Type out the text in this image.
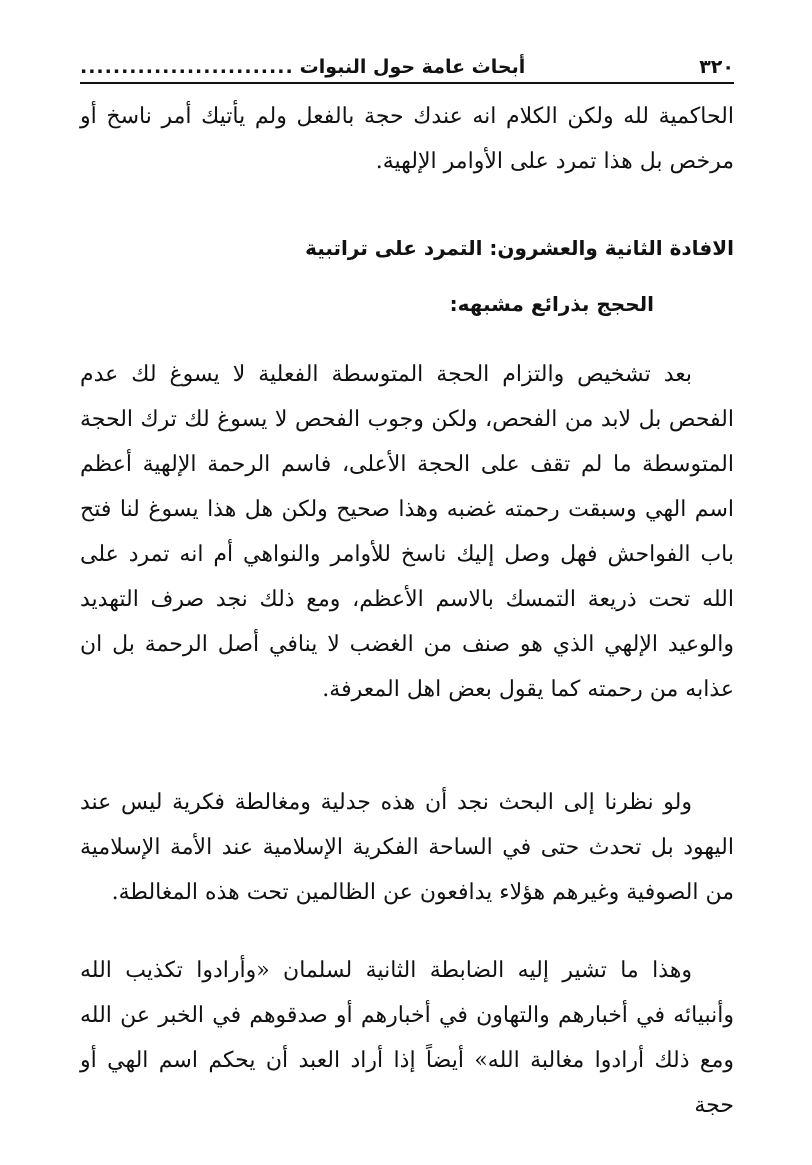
٣٢٠
أبحاث عامة حول النبوات
..........................

الحاكمية لله ولكن الكلام انه عندك حجة بالفعل ولم يأتيك أمر ناسخ أو مرخص بل هذا تمرد على الأوامر الإلهية.

الافادة الثانية والعشرون: التمرد على تراتبية

الحجج بذرائع مشبهه:

بعد تشخيص والتزام الحجة المتوسطة الفعلية لا يسوغ لك عدم الفحص بل لابد من الفحص، ولكن وجوب الفحص لا يسوغ لك ترك الحجة المتوسطة ما لم تقف على الحجة الأعلى، فاسم الرحمة الإلهية أعظم اسم الهي وسبقت رحمته غضبه وهذا صحيح ولكن هل هذا يسوغ لنا فتح باب الفواحش فهل وصل إليك ناسخ للأوامر والنواهي أم انه تمرد على الله تحت ذريعة التمسك بالاسم الأعظم، ومع ذلك نجد صرف التهديد والوعيد الإلهي الذي هو صنف من الغضب لا ينافي أصل الرحمة بل ان عذابه من رحمته كما يقول بعض اهل المعرفة.

ولو نظرنا إلى البحث نجد أن هذه جدلية ومغالطة فكرية ليس عند اليهود بل تحدث حتى في الساحة الفكرية الإسلامية عند الأمة الإسلامية من الصوفية وغيرهم هؤلاء يدافعون عن الظالمين تحت هذه المغالطة.

وهذا ما تشير إليه الضابطة الثانية لسلمان «وأرادوا تكذيب الله وأنبيائه في أخبارهم والتهاون في أخبارهم أو صدقوهم في الخبر عن الله ومع ذلك أرادوا مغالبة الله» أيضاً إذا أراد العبد أن يحكم اسم الهي أو حجة
